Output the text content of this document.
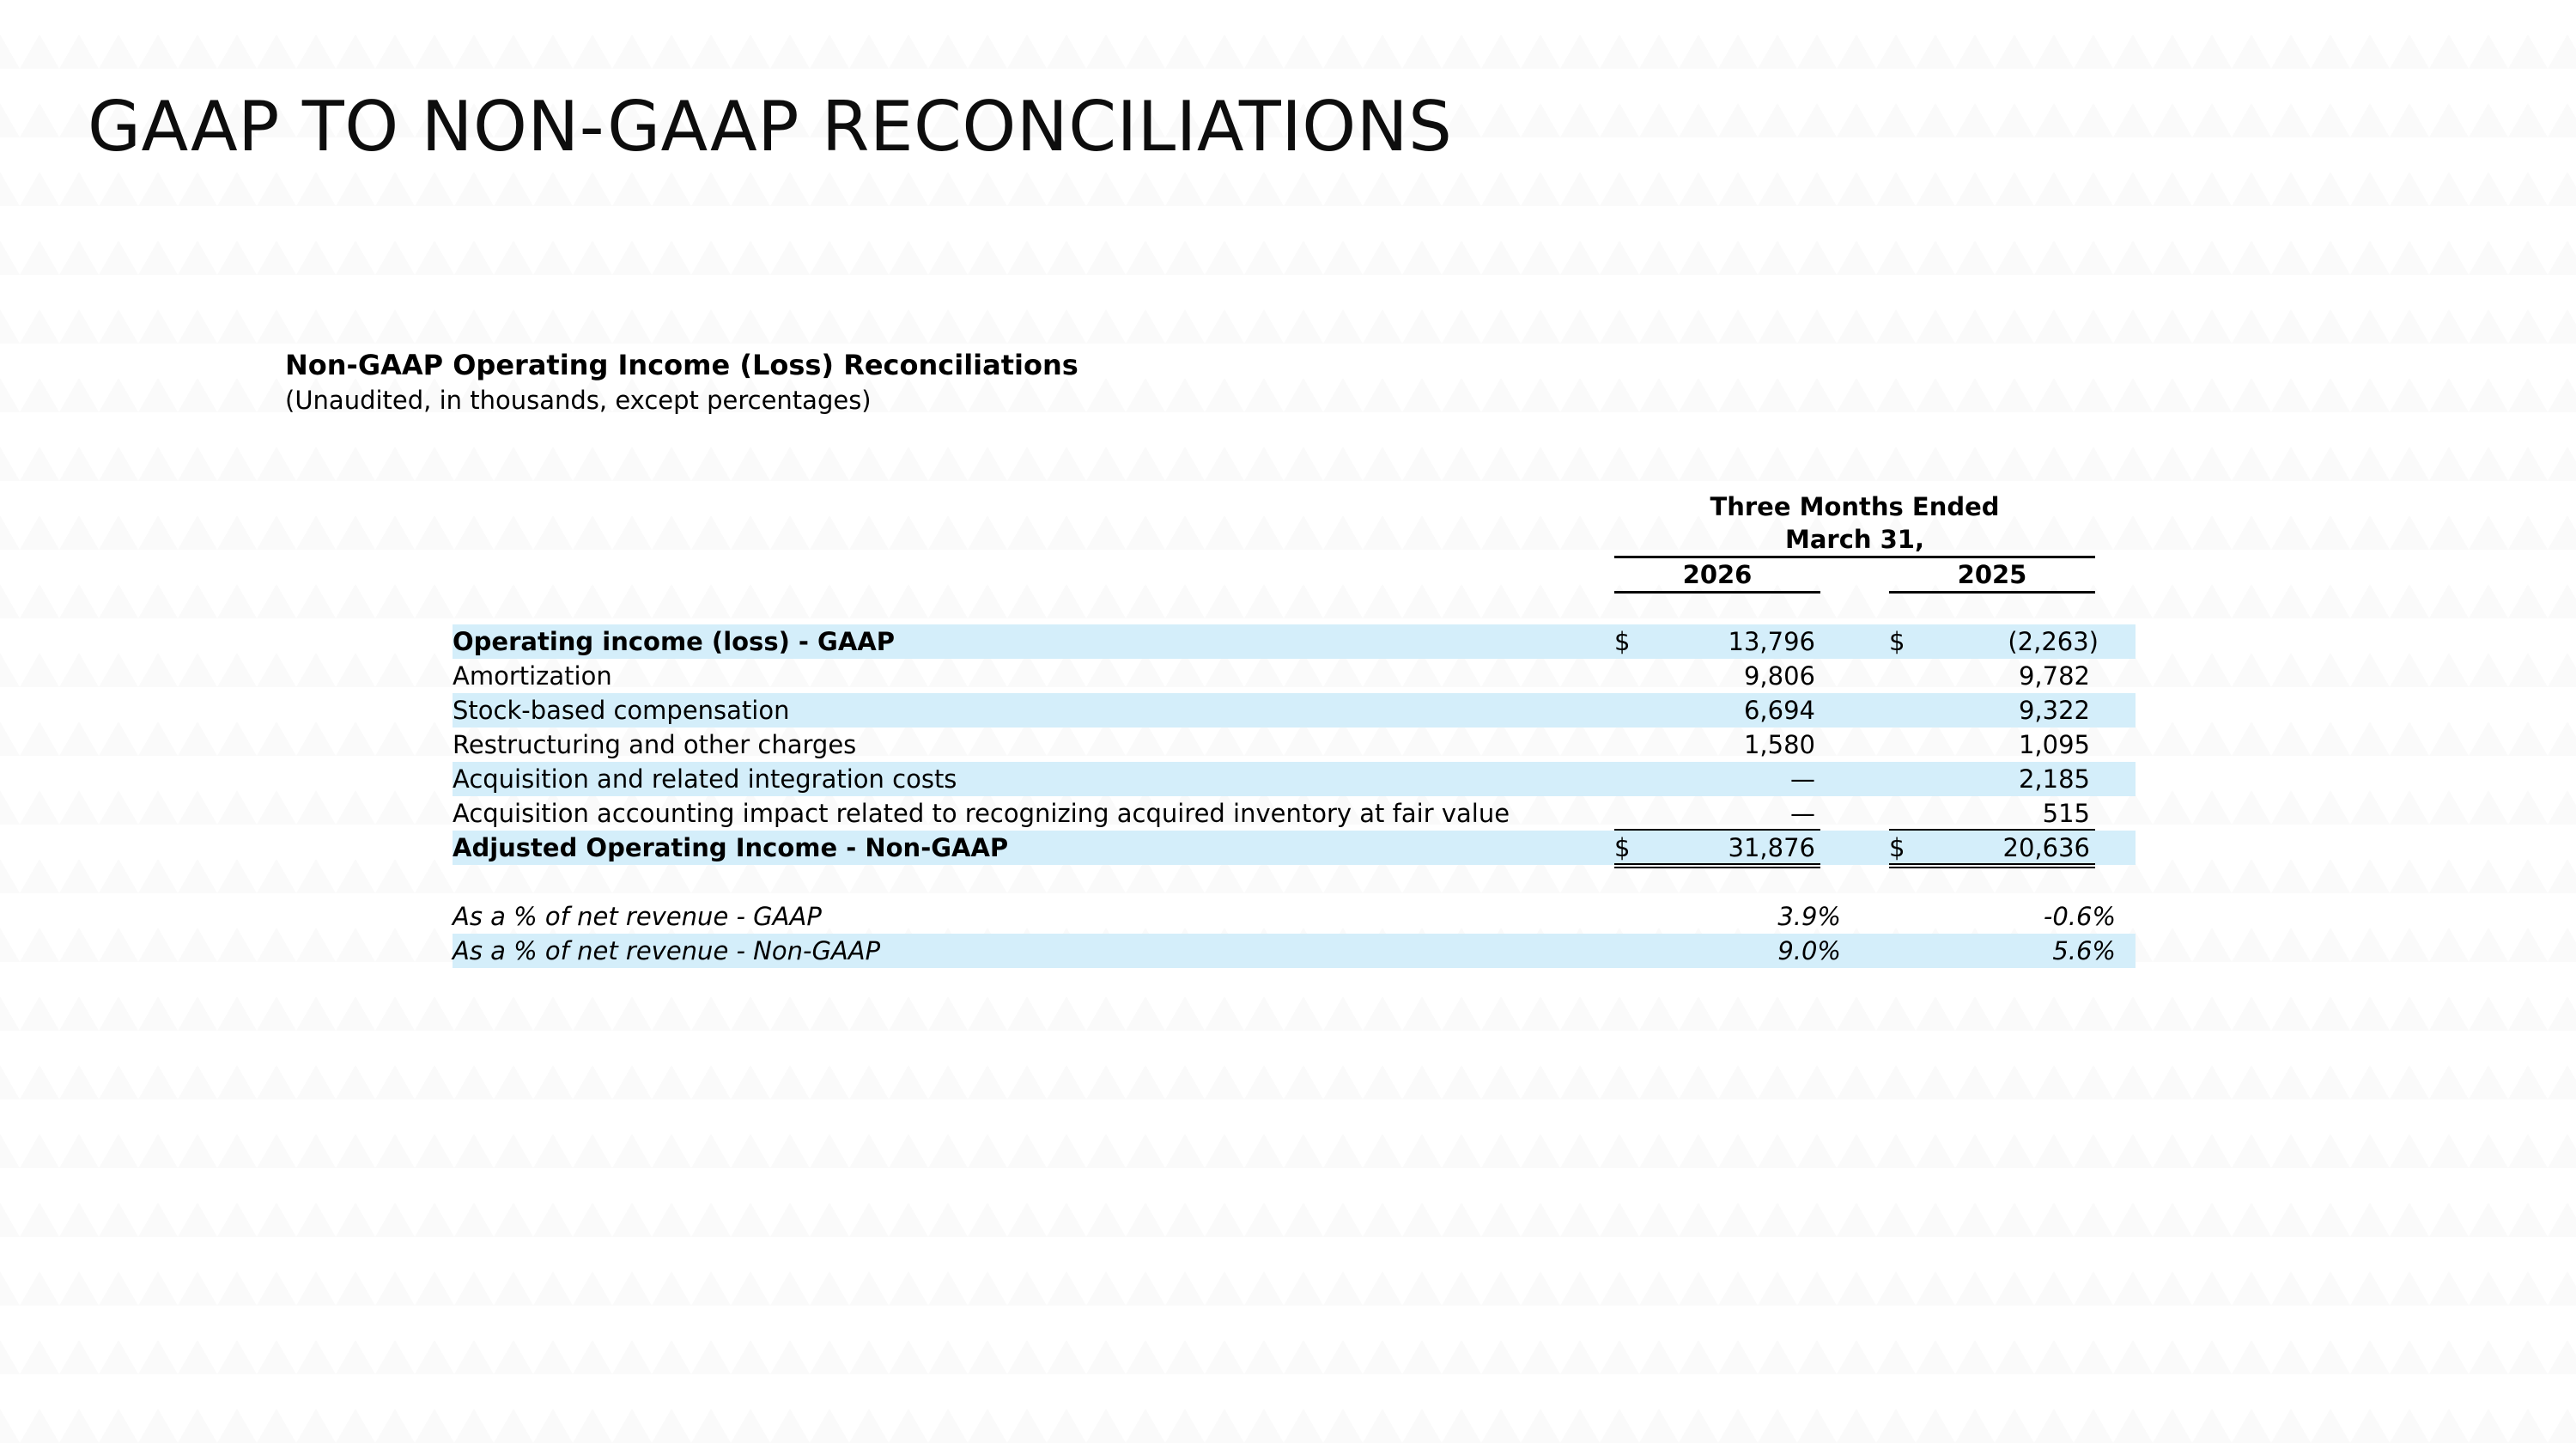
GAAP TO NON-GAAP RECONCILIATIONS
Non-GAAP Operating Income (Loss) Reconciliations
(Unaudited, in thousands, except percentages)
Three Months Ended
March 31,
2026	2025
Operating income (loss) - GAAP	$	13,796	$	(2,263)
Amortization	9,806	9,782
Stock-based compensation	6,694	9,322
Restructuring and other charges	1,580	1,095
Acquisition and related integration costs	—	2,185
Acquisition accounting impact related to recognizing acquired inventory at fair value	—	515
Adjusted Operating Income - Non-GAAP	$	31,876	$	20,636
As a % of net revenue - GAAP	3.9%	-0.6%
As a % of net revenue - Non-GAAP	9.0%	5.6%
